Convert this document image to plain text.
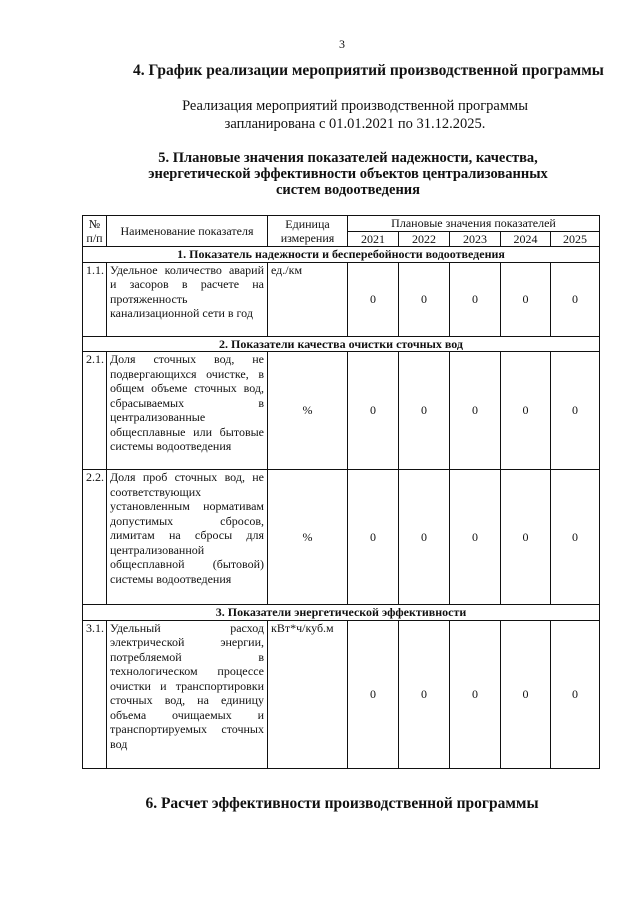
3
4. График реализации мероприятий производственной программы
Реализация мероприятий производственной программы запланирована с 01.01.2021 по 31.12.2025.
5. Плановые значения показателей надежности, качества, энергетической эффективности объектов централизованных систем водоотведения
№ п/п	Наименование показателя	Единица измерения	Плановые значения показателей				
			2021	2022	2023	2024	2025
1. Показатель надежности и бесперебойности водоотведения							
1.1.	Удельное количество аварий и засоров в расчете на протяженность канализационной сети в год	ед./км	0	0	0	0	0
2. Показатели качества очистки сточных вод							
2.1.	Доля сточных вод, не подвергающихся очистке, в общем объеме сточных вод, сбрасываемых в централизованные общесплавные или бытовые системы водоотведения	%	0	0	0	0	0
2.2.	Доля проб сточных вод, не соответствующих установленным нормативам допустимых сбросов, лимитам на сбросы для централизованной общесплавной (бытовой) системы водоотведения	%	0	0	0	0	0
3. Показатели энергетической эффективности							
3.1.	Удельный расход электрической энергии, потребляемой в технологическом процессе очистки и транспортировки сточных вод, на единицу объема очищаемых и транспортируемых сточных вод	кВт*ч/куб.м	0	0	0	0	0
6. Расчет эффективности производственной программы
